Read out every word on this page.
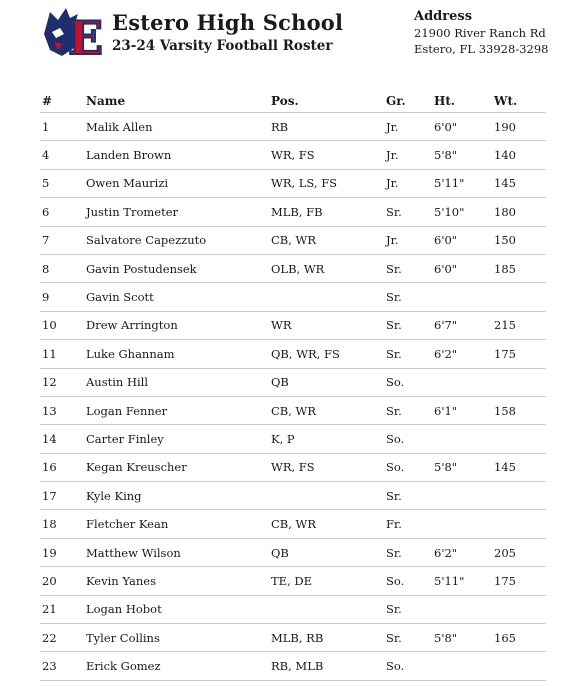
E Estero High School
23-24 Varsity Football Roster
Address
21900 River Ranch Rd
Estero, FL 33928-3298
#	Name	Pos.	Gr.	Ht.	Wt.
1	Malik Allen	RB	Jr.	6'0"	190
4	Landen Brown	WR, FS	Jr.	5'8"	140
5	Owen Maurizi	WR, LS, FS	Jr.	5'11"	145
6	Justin Trometer	MLB, FB	Sr.	5'10"	180
7	Salvatore Capezzuto	CB, WR	Jr.	6'0"	150
8	Gavin Postudensek	OLB, WR	Sr.	6'0"	185
9	Gavin Scott		Sr.		
10	Drew Arrington	WR	Sr.	6'7"	215
11	Luke Ghannam	QB, WR, FS	Sr.	6'2"	175
12	Austin Hill	QB	So.		
13	Logan Fenner	CB, WR	Sr.	6'1"	158
14	Carter Finley	K, P	So.		
16	Kegan Kreuscher	WR, FS	So.	5'8"	145
17	Kyle King		Sr.		
18	Fletcher Kean	CB, WR	Fr.		
19	Matthew Wilson	QB	Sr.	6'2"	205
20	Kevin Yanes	TE, DE	So.	5'11"	175
21	Logan Hobot		Sr.		
22	Tyler Collins	MLB, RB	Sr.	5'8"	165
23	Erick Gomez	RB, MLB	So.		
